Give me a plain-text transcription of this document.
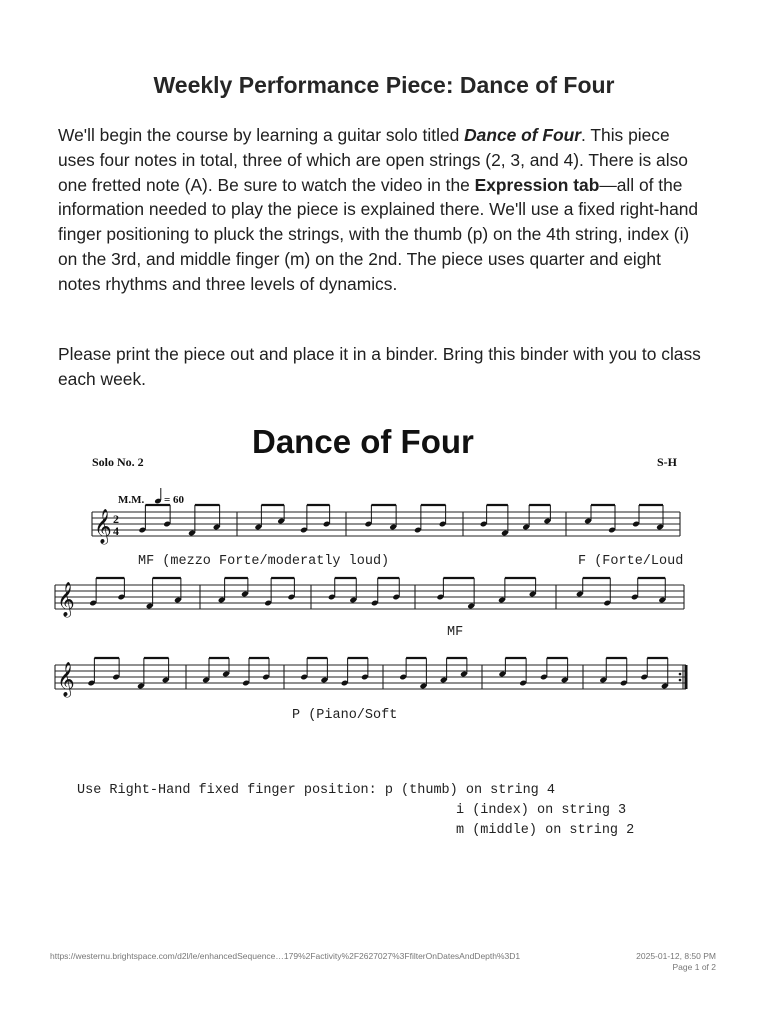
Weekly Performance Piece: Dance of Four
We'll begin the course by learning a guitar solo titled Dance of Four. This piece uses four notes in total, three of which are open strings (2, 3, and 4). There is also one fretted note (A). Be sure to watch the video in the Expression tab—all of the information needed to play the piece is explained there. We'll use a fixed right-hand finger positioning to pluck the strings, with the thumb (p) on the 4th string, index (i) on the 3rd, and middle finger (m) on the 2nd. The piece uses quarter and eight notes rhythms and three levels of dynamics.
Please print the piece out and place it in a binder. Bring this binder with you to class each week.
Dance of Four
Solo No. 2	S-H
M.M. = 60
𝄞 2
4
𝄞
𝄞
MF (mezzo Forte/moderatly loud)	F (Forte/Loud
MF
P (Piano/Soft
Use Right-Hand fixed finger position: p (thumb) on string 4
i (index) on string 3
m (middle) on string 2
https://westernu.brightspace.com/d2l/le/enhancedSequence…179%2Factivity%2F2627027%3FfilterOnDatesAndDepth%3D1	2025-01-12, 8:50 PM
Page 1 of 2
